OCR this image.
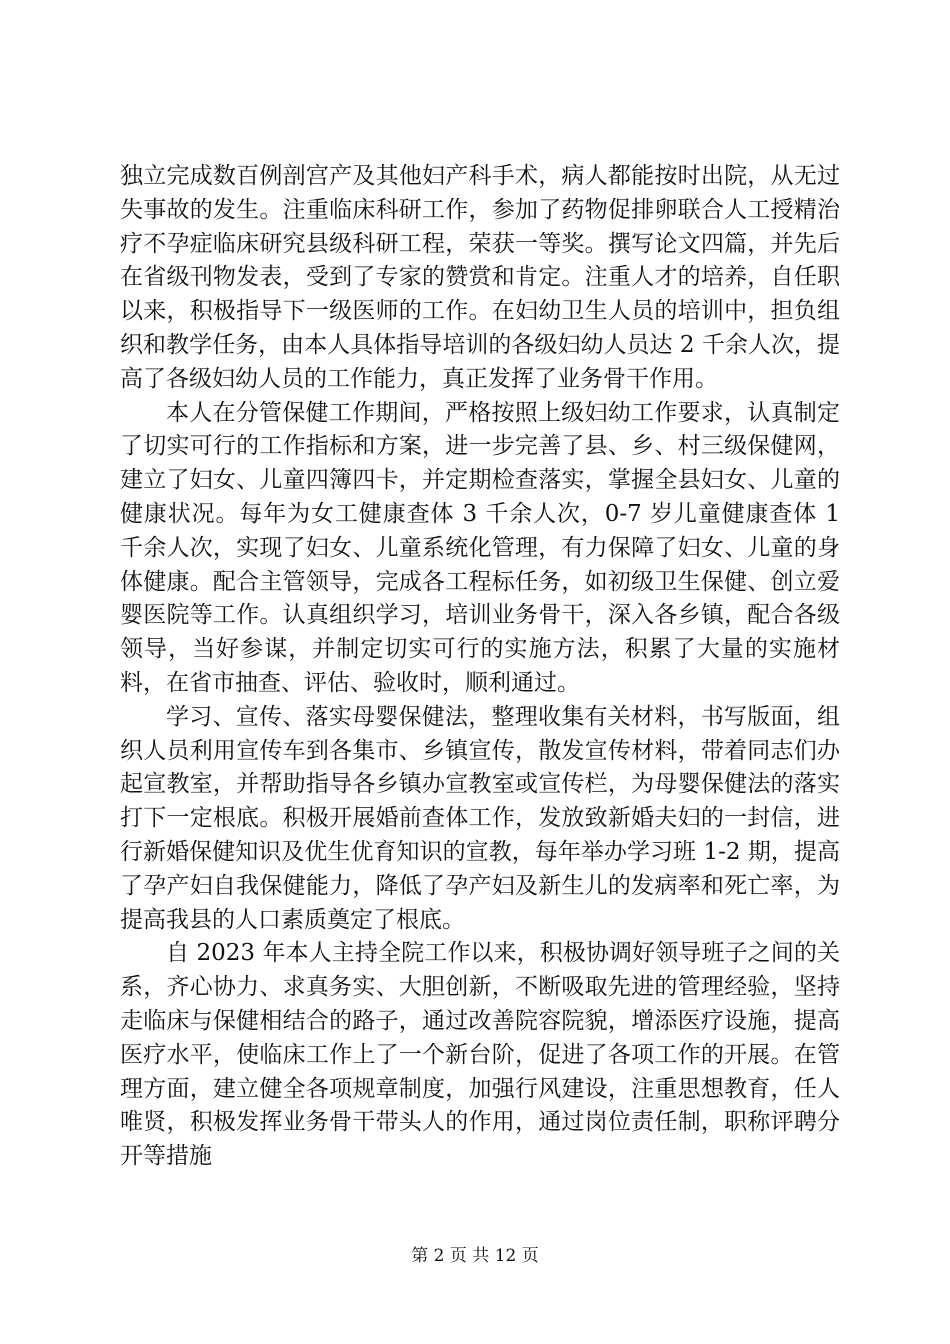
独立完成数百例剖宫产及其他妇产科手术，病人都能按时出院，从无过失事故的发生。注重临床科研工作，参加了药物促排卵联合人工授精治疗不孕症临床研究县级科研工程，荣获一等奖。撰写论文四篇，并先后在省级刊物发表，受到了专家的赞赏和肯定。注重人才的培养，自任职以来，积极指导下一级医师的工作。在妇幼卫生人员的培训中，担负组织和教学任务，由本人具体指导培训的各级妇幼人员达 2 千余人次，提高了各级妇幼人员的工作能力，真正发挥了业务骨干作用。

本人在分管保健工作期间，严格按照上级妇幼工作要求，认真制定了切实可行的工作指标和方案，进一步完善了县、乡、村三级保健网，建立了妇女、儿童四簿四卡，并定期检查落实，掌握全县妇女、儿童的健康状况。每年为女工健康查体 3 千余人次，0-7 岁儿童健康查体 1 千余人次，实现了妇女、儿童系统化管理，有力保障了妇女、儿童的身体健康。配合主管领导，完成各工程标任务，如初级卫生保健、创立爱婴医院等工作。认真组织学习，培训业务骨干，深入各乡镇，配合各级领导，当好参谋，并制定切实可行的实施方法，积累了大量的实施材料，在省市抽查、评估、验收时，顺利通过。

学习、宣传、落实母婴保健法，整理收集有关材料，书写版面，组织人员利用宣传车到各集市、乡镇宣传，散发宣传材料，带着同志们办起宣教室，并帮助指导各乡镇办宣教室或宣传栏，为母婴保健法的落实打下一定根底。积极开展婚前查体工作，发放致新婚夫妇的一封信，进行新婚保健知识及优生优育知识的宣教，每年举办学习班 1-2 期，提高了孕产妇自我保健能力，降低了孕产妇及新生儿的发病率和死亡率，为提高我县的人口素质奠定了根底。

自 2023 年本人主持全院工作以来，积极协调好领导班子之间的关系，齐心协力、求真务实、大胆创新，不断吸取先进的管理经验，坚持走临床与保健相结合的路子，通过改善院容院貌，增添医疗设施，提高医疗水平，使临床工作上了一个新台阶，促进了各项工作的开展。在管理方面，建立健全各项规章制度，加强行风建设，注重思想教育，任人唯贤，积极发挥业务骨干带头人的作用，通过岗位责任制，职称评聘分开等措施

第 2 页 共 12 页
